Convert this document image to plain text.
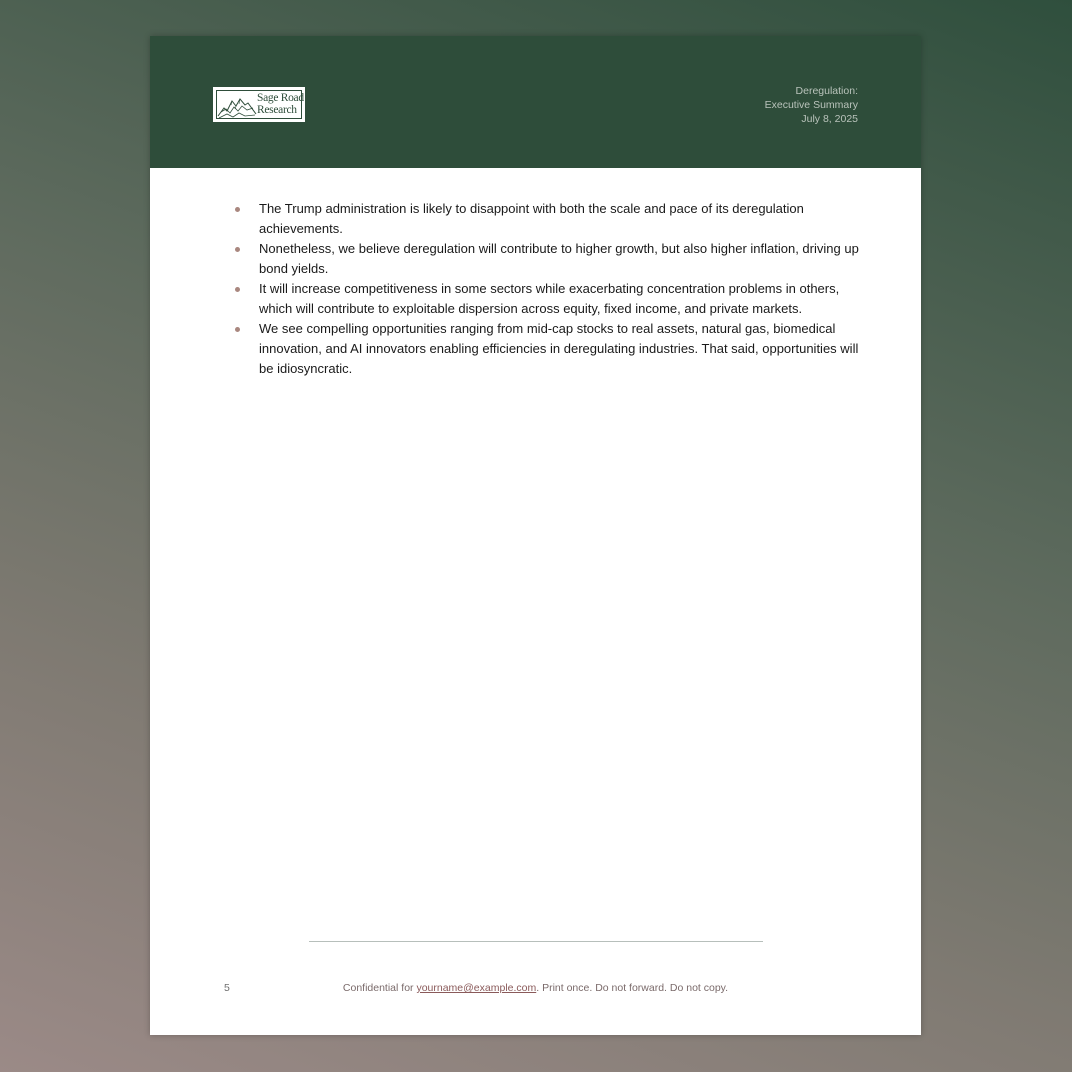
Sage Road
Research
Deregulation:
Executive Summary
July 8, 2025
The Trump administration is likely to disappoint with both the scale and pace of its deregulation achievements.
Nonetheless, we believe deregulation will contribute to higher growth, but also higher inflation, driving up bond yields.
It will increase competitiveness in some sectors while exacerbating concentration problems in others, which will contribute to exploitable dispersion across equity, fixed income, and private markets.
We see compelling opportunities ranging from mid-cap stocks to real assets, natural gas, biomedical innovation, and AI innovators enabling efficiencies in deregulating industries. That said, opportunities will be idiosyncratic.
5	Confidential for yourname@example.com. Print once. Do not forward. Do not copy.
